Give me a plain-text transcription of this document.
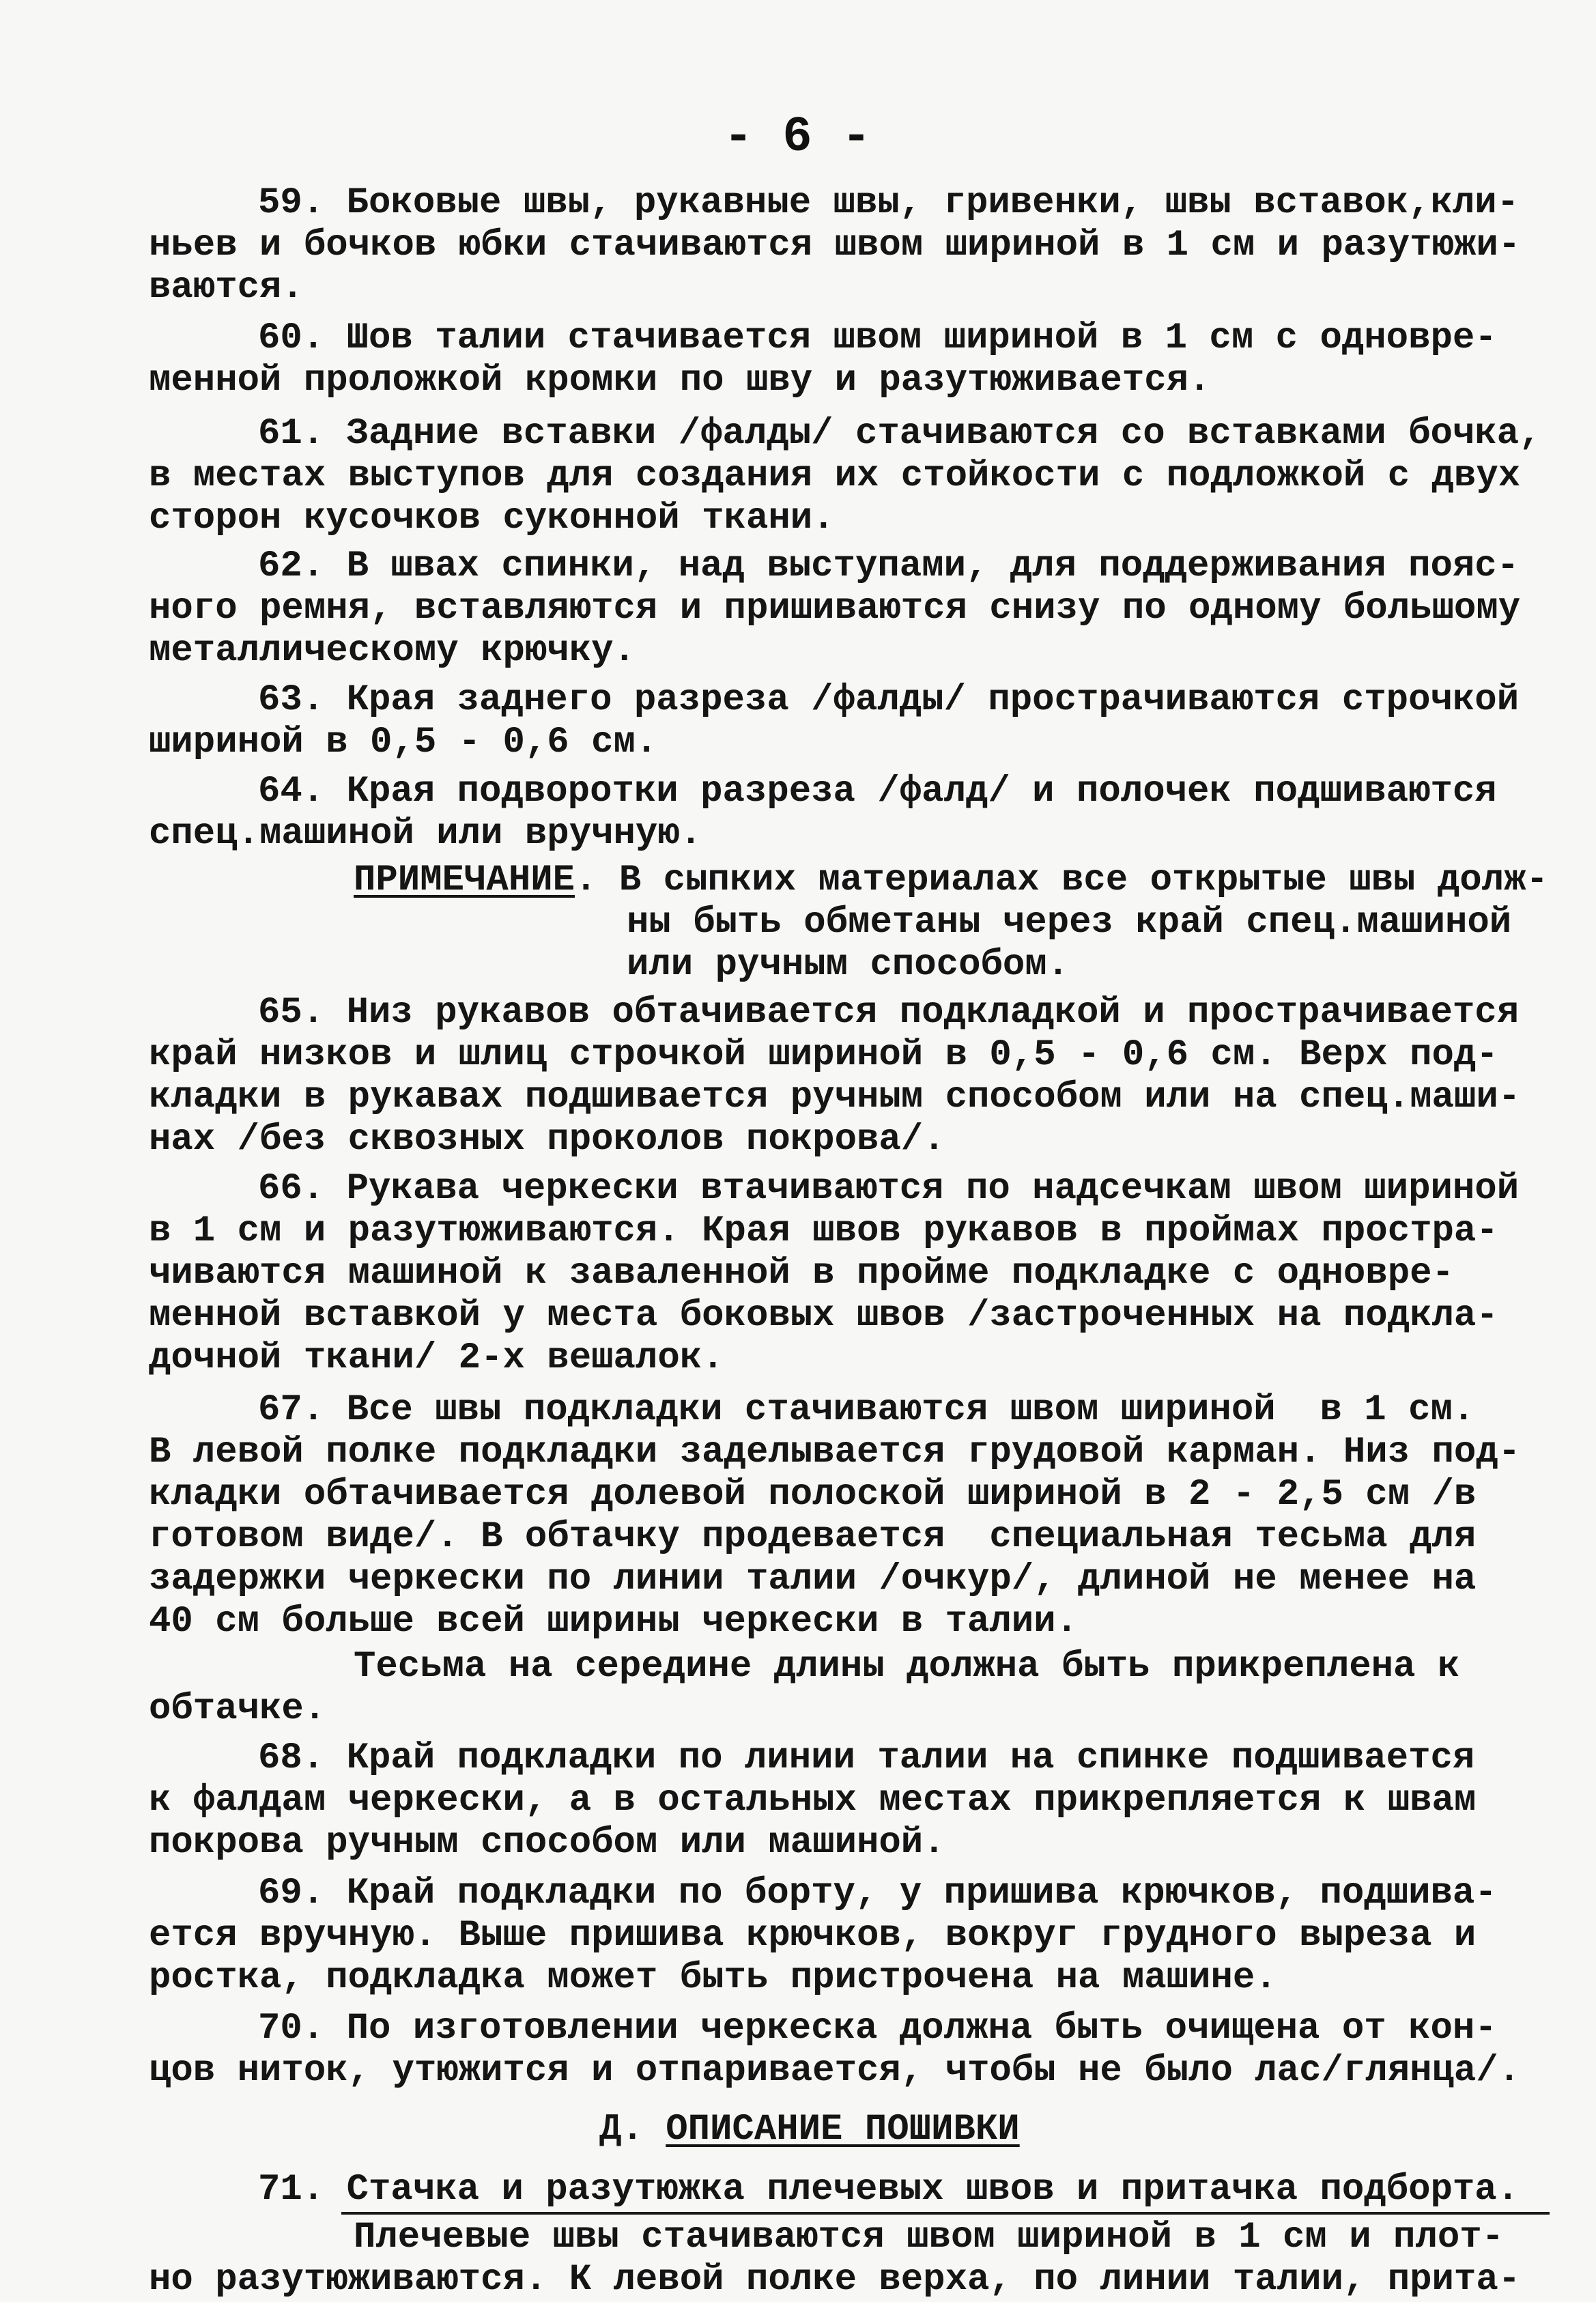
- 6 -
59. Боковые швы, рукавные швы, гривенки, швы вставок,кли-
ньев и бочков юбки стачиваются швом шириной в 1 см и разутюжи-
ваются.
60. Шов талии стачивается швом шириной в 1 см с одновре-
менной проложкой кромки по шву и разутюживается.
61. Задние вставки /фалды/ стачиваются со вставками бочка,
в местах выступов для создания их стойкости с подложкой с двух
сторон кусочков суконной ткани.
62. В швах спинки, над выступами, для поддерживания пояс-
ного ремня, вставляются и пришиваются снизу по одному большому
металлическому крючку.
63. Края заднего разреза /фалды/ прострачиваются строчкой
шириной в 0,5 - 0,6 см.
64. Края подворотки разреза /фалд/ и полочек подшиваются
спец.машиной или вручную.
ПРИМЕЧАНИЕ. В сыпких материалах все открытые швы долж-
ны быть обметаны через край спец.машиной
или ручным способом.
65. Низ рукавов обтачивается подкладкой и прострачивается
край низков и шлиц строчкой шириной в 0,5 - 0,6 см. Верх под-
кладки в рукавах подшивается ручным способом или на спец.маши-
нах /без сквозных проколов покрова/.
66. Рукава черкески втачиваются по надсечкам швом шириной
в 1 см и разутюживаются. Края швов рукавов в проймах прострa-
чиваются машиной к заваленной в пройме подкладке с одновре-
менной вставкой у места боковых швов /застроченных на подкла-
дочной ткани/ 2-х вешалок.
67. Все швы подкладки стачиваются швом шириной  в 1 см.
В левой полке подкладки заделывается грудовой карман. Низ под-
кладки обтачивается долевой полоской шириной в 2 - 2,5 см /в
готовом виде/. В обтачку продевается  специальная тесьма для
задержки черкески по линии талии /очкур/, длиной не менее на
40 см больше всей ширины черкески в талии.
Тесьма на середине длины должна быть прикреплена к
обтачке.
68. Край подкладки по линии талии на спинке подшивается
к фалдам черкески, а в остальных местах прикрепляется к швам
покрова ручным способом или машиной.
69. Край подкладки по борту, у пришива крючков, подшива-
ется вручную. Выше пришива крючков, вокруг грудного выреза и
ростка, подкладка может быть пристрочена на машине.
70. По изготовлении черкеска должна быть очищена от кон-
цов ниток, утюжится и отпаривается, чтобы не было лас/глянца/.
Д. ОПИСАНИЕ ПОШИВКИ
71. Стачка и разутюжка плечевых швов и притачка подборта.
Плечевые швы стачиваются швом шириной в 1 см и плот-
но разутюживаются. К левой полке верха, по линии талии, прита-
